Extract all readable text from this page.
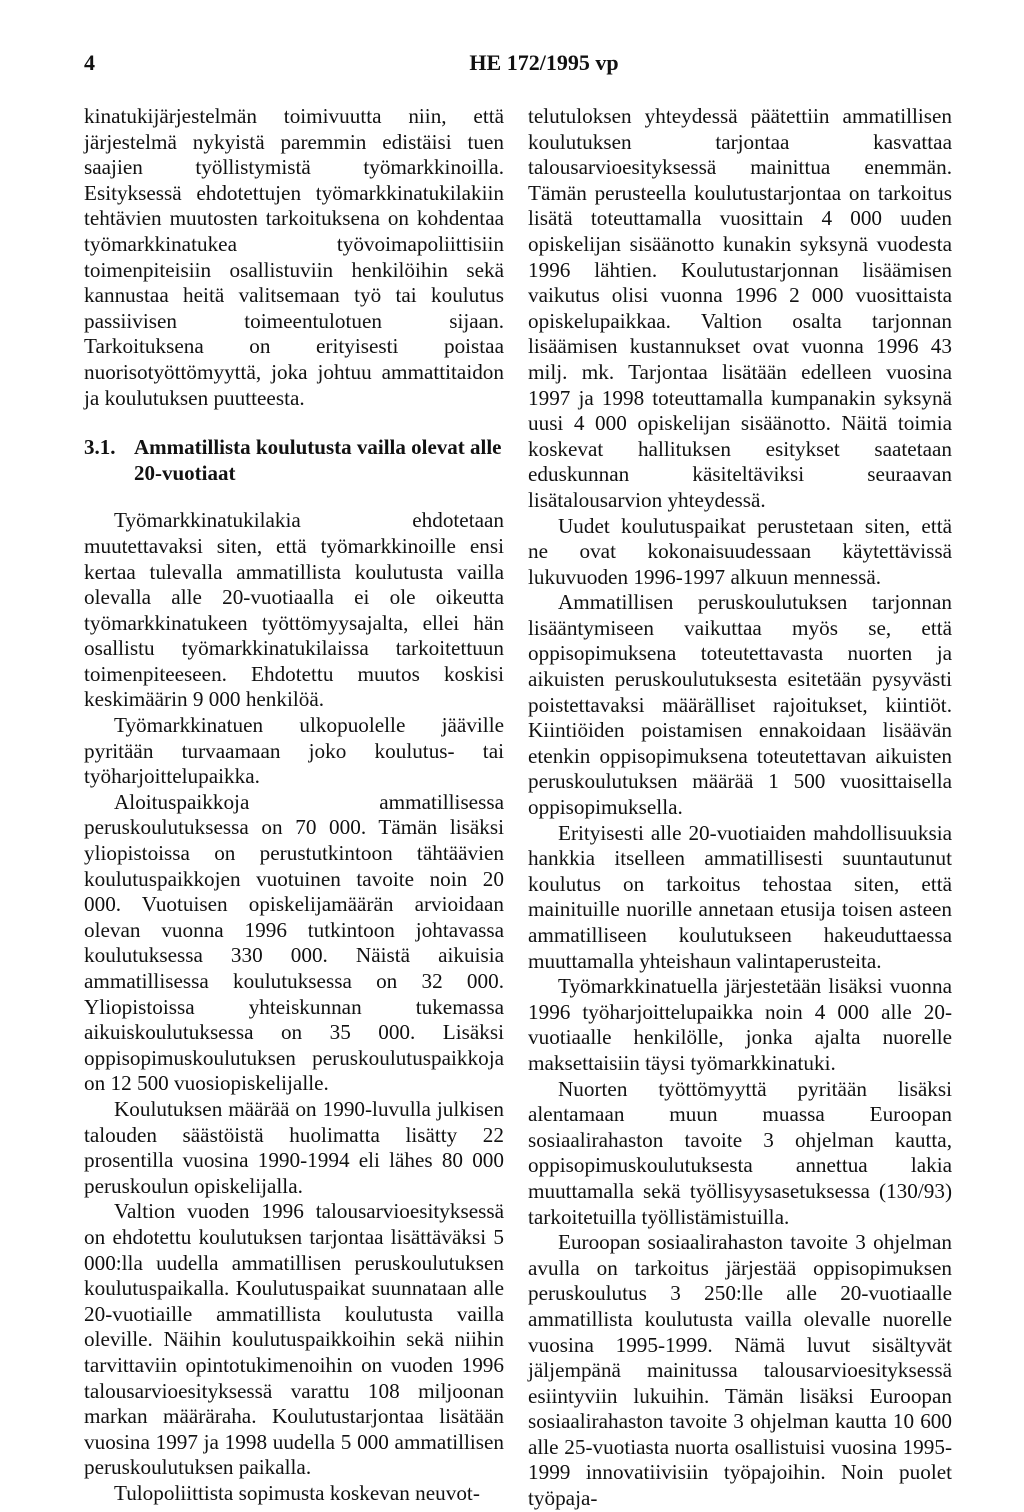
4	HE 172/1995 vp

kinatukijärjestelmän toimivuutta niin, että järjestelmä nykyistä paremmin edistäisi tuen saajien työllistymistä työmarkkinoilla. Esityksessä ehdotettujen työmarkkinatukilakiin tehtävien muutosten tarkoituksena on kohdentaa työmarkkinatukea työvoimapoliittisiin toimenpiteisiin osallistuviin henkilöihin sekä kannustaa heitä valitsemaan työ tai koulutus passiivisen toimeentulotuen sijaan. Tarkoituksena on erityisesti poistaa nuorisotyöttömyyttä, joka johtuu ammattitaidon ja koulutuksen puutteesta.

3.1. Ammatillista koulutusta vailla olevat alle 20-vuotiaat

Työmarkkinatukilakia ehdotetaan muutettavaksi siten, että työmarkkinoille ensi kertaa tulevalla ammatillista koulutusta vailla olevalla alle 20-vuotiaalla ei ole oikeutta työmarkkinatukeen työttömyysajalta, ellei hän osallistu työmarkkinatukilaissa tarkoitettuun toimenpiteeseen. Ehdotettu muutos koskisi keskimäärin 9 000 henkilöä.

Työmarkkinatuen ulkopuolelle jääville pyritään turvaamaan joko koulutus- tai työharjoittelupaikka.

Aloituspaikkoja ammatillisessa peruskoulutuksessa on 70 000. Tämän lisäksi yliopistoissa on perustutkintoon tähtäävien koulutuspaikkojen vuotuinen tavoite noin 20 000. Vuotuisen opiskelijamäärän arvioidaan olevan vuonna 1996 tutkintoon johtavassa koulutuksessa 330 000. Näistä aikuisia ammatillisessa koulutuksessa on 32 000. Yliopistoissa yhteiskunnan tukemassa aikuiskoulutuksessa on 35 000. Lisäksi oppisopimuskoulutuksen peruskoulutuspaikkoja on 12 500 vuosiopiskelijalle.

Koulutuksen määrää on 1990-luvulla julkisen talouden säästöistä huolimatta lisätty 22 prosentilla vuosina 1990-1994 eli lähes 80 000 peruskoulun opiskelijalla.

Valtion vuoden 1996 talousarvioesityksessä on ehdotettu koulutuksen tarjontaa lisättäväksi 5 000:lla uudella ammatillisen peruskoulutuksen koulutuspaikalla. Koulutuspaikat suunnataan alle 20-vuotiaille ammatillista koulutusta vailla oleville. Näihin koulutuspaikkoihin sekä niihin tarvittaviin opintotukimenoihin on vuoden 1996 talousarvioesityksessä varattu 108 miljoonan markan määräraha. Koulutustarjontaa lisätään vuosina 1997 ja 1998 uudella 5 000 ammatillisen peruskoulutuksen paikalla.

Tulopoliittista sopimusta koskevan neuvot-

telutuloksen yhteydessä päätettiin ammatillisen koulutuksen tarjontaa kasvattaa talousarvioesityksessä mainittua enemmän. Tämän perusteella koulutustarjontaa on tarkoitus lisätä toteuttamalla vuosittain 4 000 uuden opiskelijan sisäänotto kunakin syksynä vuodesta 1996 lähtien. Koulutustarjonnan lisäämisen vaikutus olisi vuonna 1996 2 000 vuosittaista opiskelupaikkaa. Valtion osalta tarjonnan lisäämisen kustannukset ovat vuonna 1996 43 milj. mk. Tarjontaa lisätään edelleen vuosina 1997 ja 1998 toteuttamalla kumpanakin syksynä uusi 4 000 opiskelijan sisäänotto. Näitä toimia koskevat hallituksen esitykset saatetaan eduskunnan käsiteltäviksi seuraavan lisätalousarvion yhteydessä.

Uudet koulutuspaikat perustetaan siten, että ne ovat kokonaisuudessaan käytettävissä lukuvuoden 1996-1997 alkuun mennessä.

Ammatillisen peruskoulutuksen tarjonnan lisääntymiseen vaikuttaa myös se, että oppisopimuksena toteutettavasta nuorten ja aikuisten peruskoulutuksesta esitetään pysyvästi poistettavaksi määrälliset rajoitukset, kiintiöt. Kiintiöiden poistamisen ennakoidaan lisäävän etenkin oppisopimuksena toteutettavan aikuisten peruskoulutuksen määrää 1 500 vuosittaisella oppisopimuksella.

Erityisesti alle 20-vuotiaiden mahdollisuuksia hankkia itselleen ammatillisesti suuntautunut koulutus on tarkoitus tehostaa siten, että mainituille nuorille annetaan etusija toisen asteen ammatilliseen koulutukseen hakeuduttaessa muuttamalla yhteishaun valintaperusteita.

Työmarkkinatuella järjestetään lisäksi vuonna 1996 työharjoittelupaikka noin 4 000 alle 20-vuotiaalle henkilölle, jonka ajalta nuorelle maksettaisiin täysi työmarkkinatuki.

Nuorten työttömyyttä pyritään lisäksi alentamaan muun muassa Euroopan sosiaalirahaston tavoite 3 ohjelman kautta, oppisopimuskoulutuksesta annettua lakia muuttamalla sekä työllisyysasetuksessa (130/93) tarkoitetuilla työllistämistuilla.

Euroopan sosiaalirahaston tavoite 3 ohjelman avulla on tarkoitus järjestää oppisopimuksen peruskoulutus 3 250:lle alle 20-vuotiaalle ammatillista koulutusta vailla olevalle nuorelle vuosina 1995-1999. Nämä luvut sisältyvät jäljempänä mainitussa talousarvioesityksessä esiintyviin lukuihin. Tämän lisäksi Euroopan sosiaalirahaston tavoite 3 ohjelman kautta 10 600 alle 25-vuotiasta nuorta osallistuisi vuosina 1995-1999 innovatiivisiin työpajoihin. Noin puolet työpaja-
